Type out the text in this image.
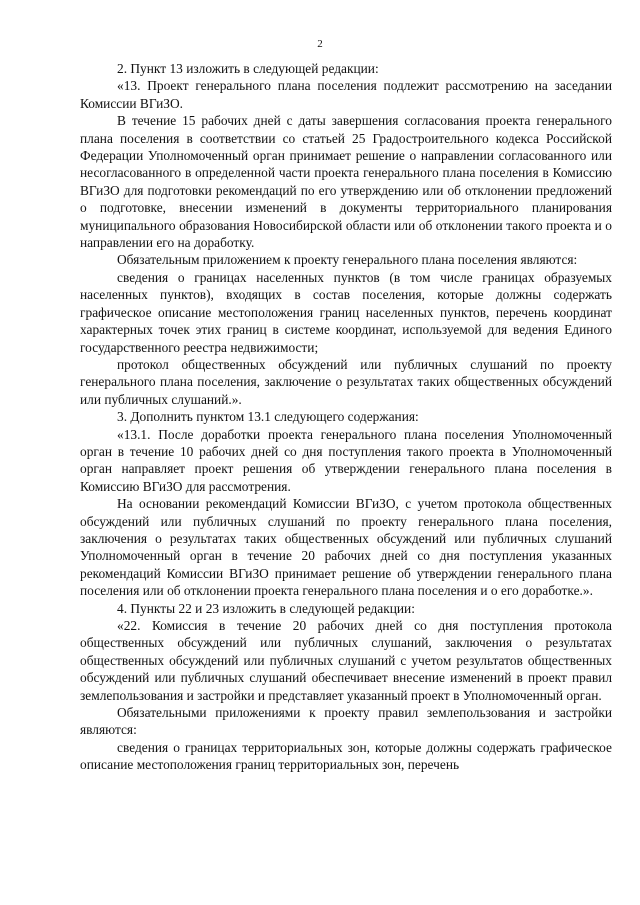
2

2. Пункт 13 изложить в следующей редакции:

«13. Проект генерального плана поселения подлежит рассмотрению на заседании Комиссии ВГиЗО.

В течение 15 рабочих дней с даты завершения согласования проекта генерального плана поселения в соответствии со статьей 25 Градостроительного кодекса Российской Федерации Уполномоченный орган принимает решение о направлении согласованного или несогласованного в определенной части проекта генерального плана поселения в Комиссию ВГиЗО для подготовки рекомендаций по его утверждению или об отклонении предложений о подготовке, внесении изменений в документы территориального планирования муниципального образования Новосибирской области или об отклонении такого проекта и о направлении его на доработку.

Обязательным приложением к проекту генерального плана поселения являются:

сведения о границах населенных пунктов (в том числе границах образуемых населенных пунктов), входящих в состав поселения, которые должны содержать графическое описание местоположения границ населенных пунктов, перечень координат характерных точек этих границ в системе координат, используемой для ведения Единого государственного реестра недвижимости;

протокол общественных обсуждений или публичных слушаний по проекту генерального плана поселения, заключение о результатах таких общественных обсуждений или публичных слушаний.».

3. Дополнить пунктом 13.1 следующего содержания:

«13.1. После доработки проекта генерального плана поселения Уполномоченный орган в течение 10 рабочих дней со дня поступления такого проекта в Уполномоченный орган направляет проект решения об утверждении генерального плана поселения в Комиссию ВГиЗО для рассмотрения.

На основании рекомендаций Комиссии ВГиЗО, с учетом протокола общественных обсуждений или публичных слушаний по проекту генерального плана поселения, заключения о результатах таких общественных обсуждений или публичных слушаний Уполномоченный орган в течение 20 рабочих дней со дня поступления указанных рекомендаций Комиссии ВГиЗО принимает решение об утверждении генерального плана поселения или об отклонении проекта генерального плана поселения и о его доработке.».

4. Пункты 22 и 23 изложить в следующей редакции:

«22. Комиссия в течение 20 рабочих дней со дня поступления протокола общественных обсуждений или публичных слушаний, заключения о результатах общественных обсуждений или публичных слушаний с учетом результатов общественных обсуждений или публичных слушаний обеспечивает внесение изменений в проект правил землепользования и застройки и представляет указанный проект в Уполномоченный орган.

Обязательными приложениями к проекту правил землепользования и застройки являются:

сведения о границах территориальных зон, которые должны содержать графическое описание местоположения границ территориальных зон, перечень
